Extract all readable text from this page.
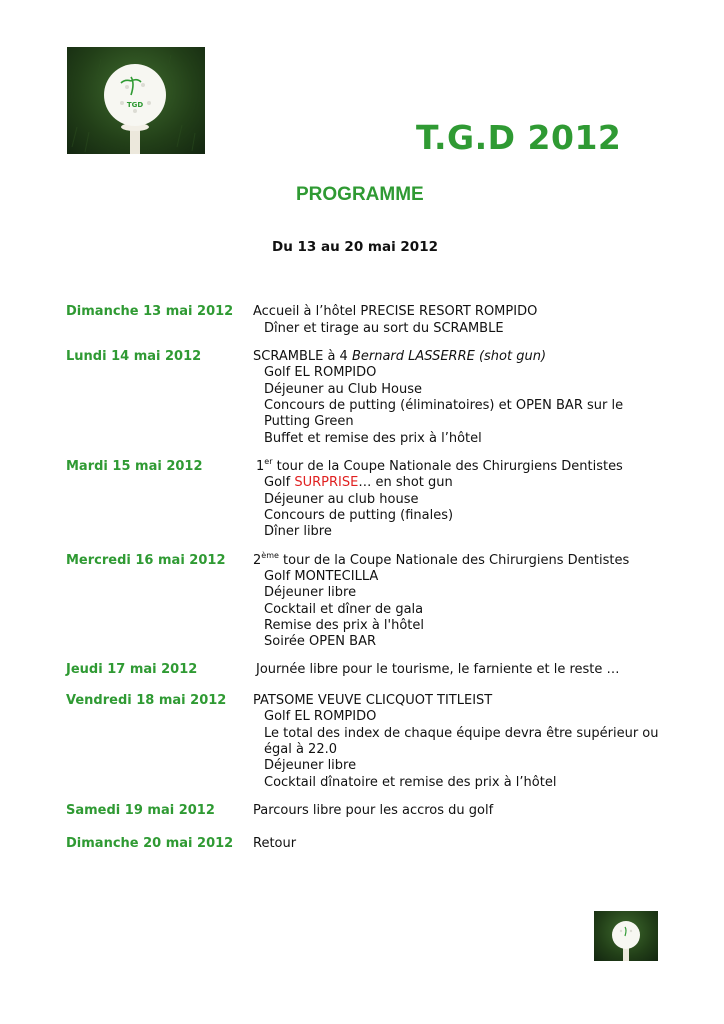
TGD
T.G.D 2012
PROGRAMME
Du 13 au 20 mai 2012
Dimanche 13 mai 2012 Accueil à l’hôtel PRECISE RESORT ROMPIDO
Dîner et tirage au sort du SCRAMBLE
Lundi 14 mai 2012	SCRAMBLE à 4 Bernard LASSERRE (shot gun)
Golf EL ROMPIDO
Déjeuner au Club House
Concours de putting (éliminatoires) et OPEN BAR sur le
Putting Green
Buffet et remise des prix à l’hôtel
Mardi 15 mai 2012	1er tour de la Coupe Nationale des Chirurgiens Dentistes
Golf SURPRISE… en shot gun
Déjeuner au club house
Concours de putting (finales)
Dîner libre
Mercredi 16 mai 2012 2ème tour de la Coupe Nationale des Chirurgiens Dentistes
Golf MONTECILLA
Déjeuner libre
Cocktail et dîner de gala
Remise des prix à l'hôtel
Soirée OPEN BAR
Jeudi 17 mai 2012	Journée libre pour le tourisme, le farniente et le reste …
Vendredi 18 mai 2012 PATSOME VEUVE CLICQUOT TITLEIST
Golf EL ROMPIDO
Le total des index de chaque équipe devra être supérieur ou
égal à 22.0
Déjeuner libre
Cocktail dînatoire et remise des prix à l’hôtel
Samedi 19 mai 2012	Parcours libre pour les accros du golf
Dimanche 20 mai 2012 Retour
